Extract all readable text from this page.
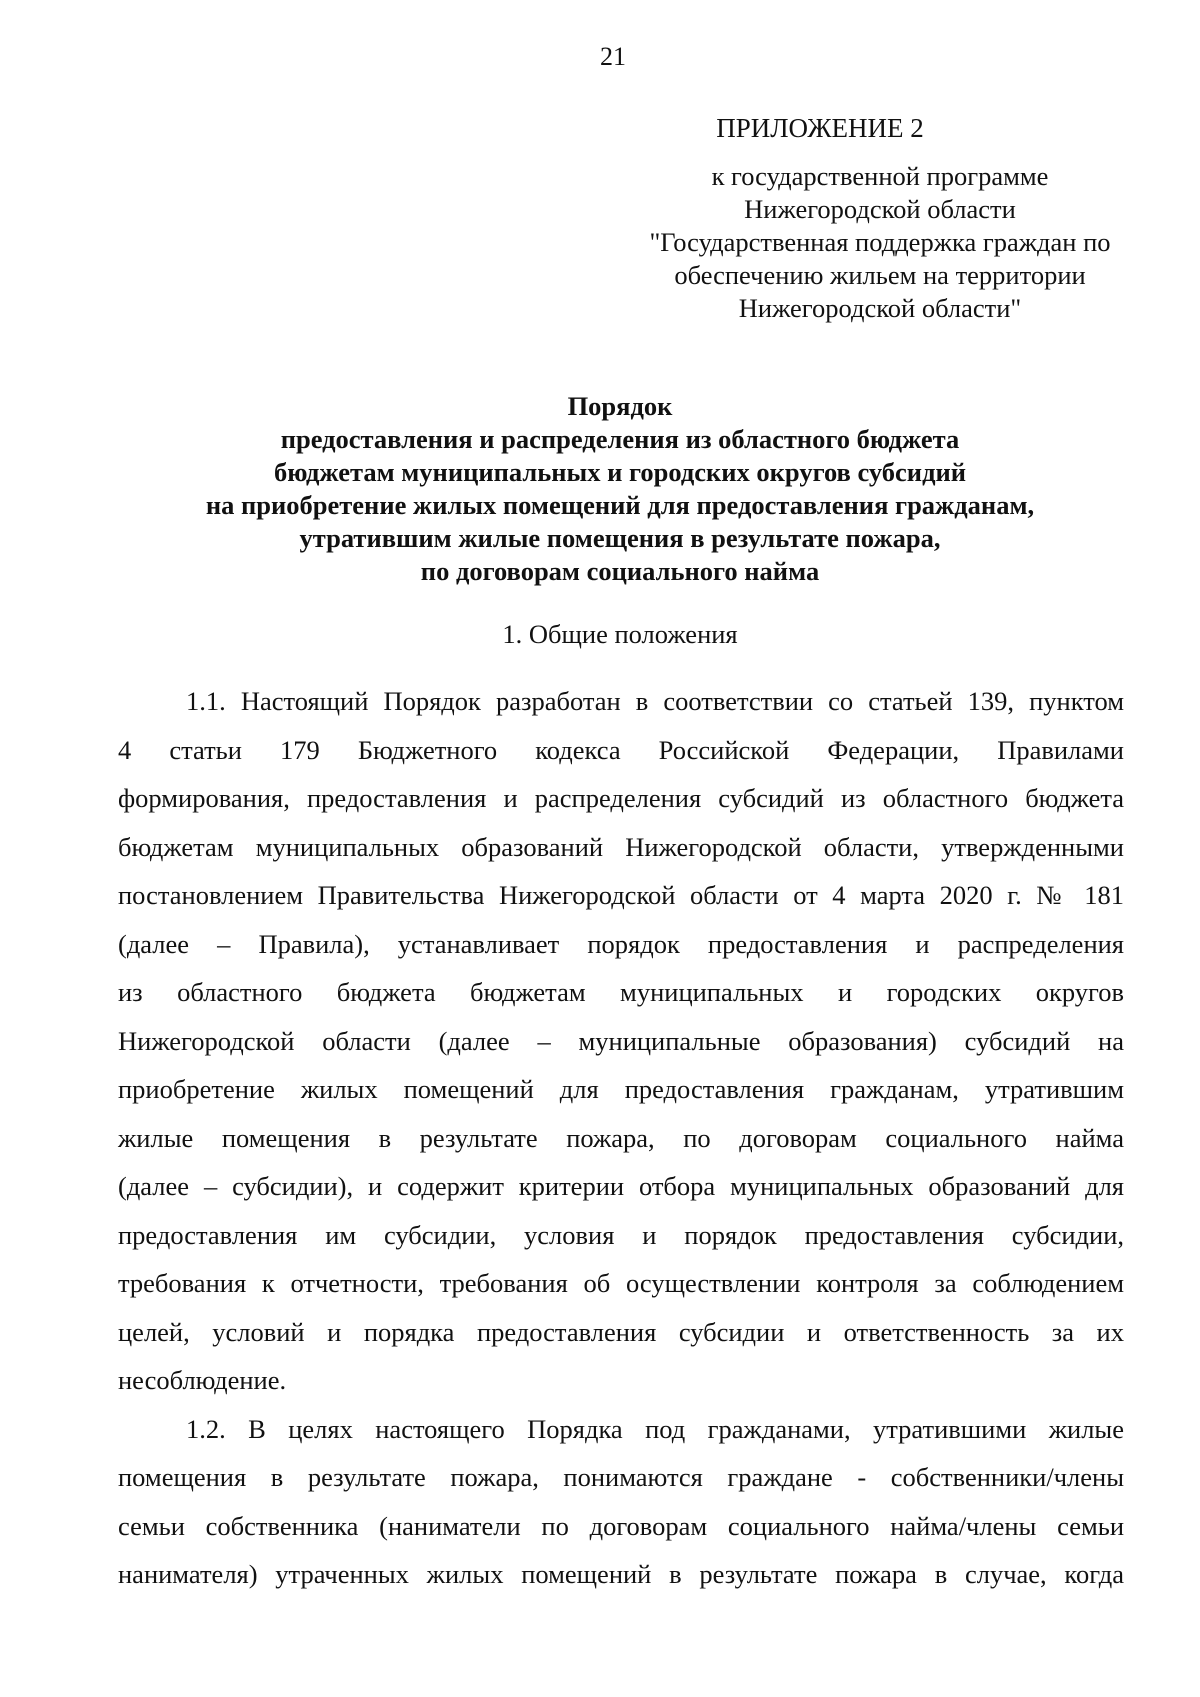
21
ПРИЛОЖЕНИЕ 2
к государственной программе
Нижегородской области
"Государственная поддержка граждан по
обеспечению жильем на территории
Нижегородской области"
Порядок
предоставления и распределения из областного бюджета
бюджетам муниципальных и городских округов субсидий
на приобретение жилых помещений для предоставления гражданам,
утратившим жилые помещения в результате пожара,
по договорам социального найма
1. Общие положения

1.1. Настоящий Порядок разработан в соответствии со статьей 139, пунктом
4 статьи 179 Бюджетного кодекса Российской Федерации, Правилами
формирования, предоставления и распределения субсидий из областного бюджета
бюджетам муниципальных образований Нижегородской области, утвержденными
постановлением Правительства Нижегородской области от 4 марта 2020 г. № 181
(далее – Правила), устанавливает порядок предоставления и распределения
из областного бюджета бюджетам муниципальных и городских округов
Нижегородской области (далее – муниципальные образования) субсидий на
приобретение жилых помещений для предоставления гражданам, утратившим
жилые помещения в результате пожара, по договорам социального найма
(далее – субсидии), и содержит критерии отбора муниципальных образований для
предоставления им субсидии, условия и порядок предоставления субсидии,
требования к отчетности, требования об осуществлении контроля за соблюдением
целей, условий и порядка предоставления субсидии и ответственность за их
несоблюдение.

1.2. В целях настоящего Порядка под гражданами, утратившими жилые
помещения в результате пожара, понимаются граждане - собственники/члены
семьи собственника (наниматели по договорам социального найма/члены семьи
нанимателя) утраченных жилых помещений в результате пожара в случае, когда
